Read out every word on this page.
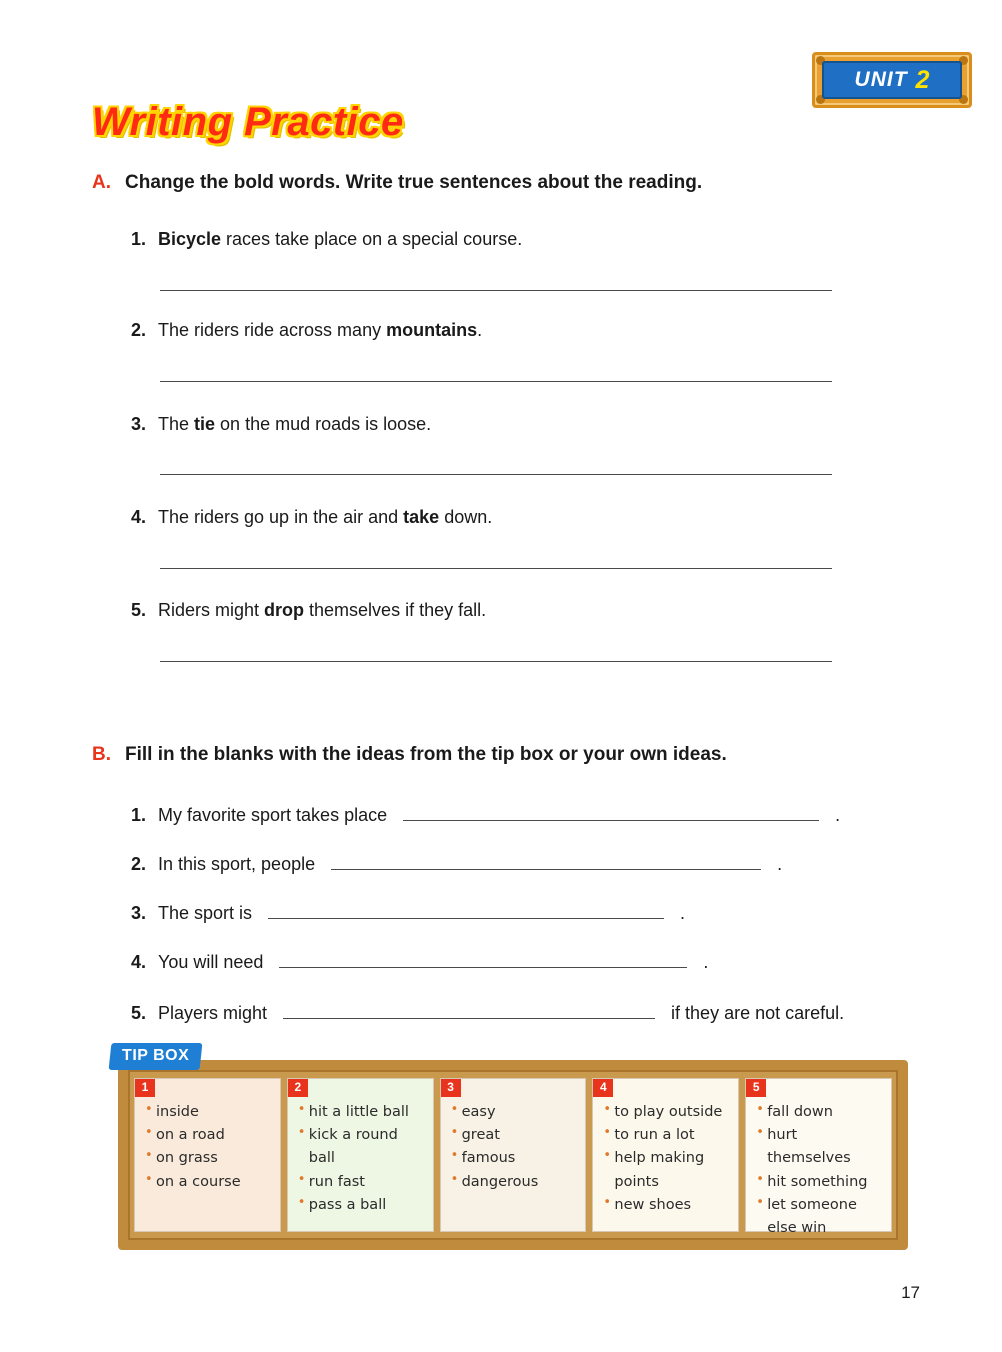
UNIT 2
Writing Practice
A. Change the bold words. Write true sentences about the reading.
1. Bicycle races take place on a special course.
2. The riders ride across many mountains.
3. The tie on the mud roads is loose.
4. The riders go up in the air and take down.
5. Riders might drop themselves if they fall.
B. Fill in the blanks with the ideas from the tip box or your own ideas.
1. My favorite sport takes place	.
2. In this sport, people	.
3. The sport is	.
4. You will need	.
5. Players might	if they are not careful.
TIP BOX
1
• inside
• on a road
• on grass
• on a course
2
• hit a little ball
• kick a round ball
• run fast
• pass a ball
3
• easy
• great
• famous
• dangerous
4
• to play outside
• to run a lot
• help making points
• new shoes
5
• fall down
• hurt themselves
• hit something
• let someone else win
17
